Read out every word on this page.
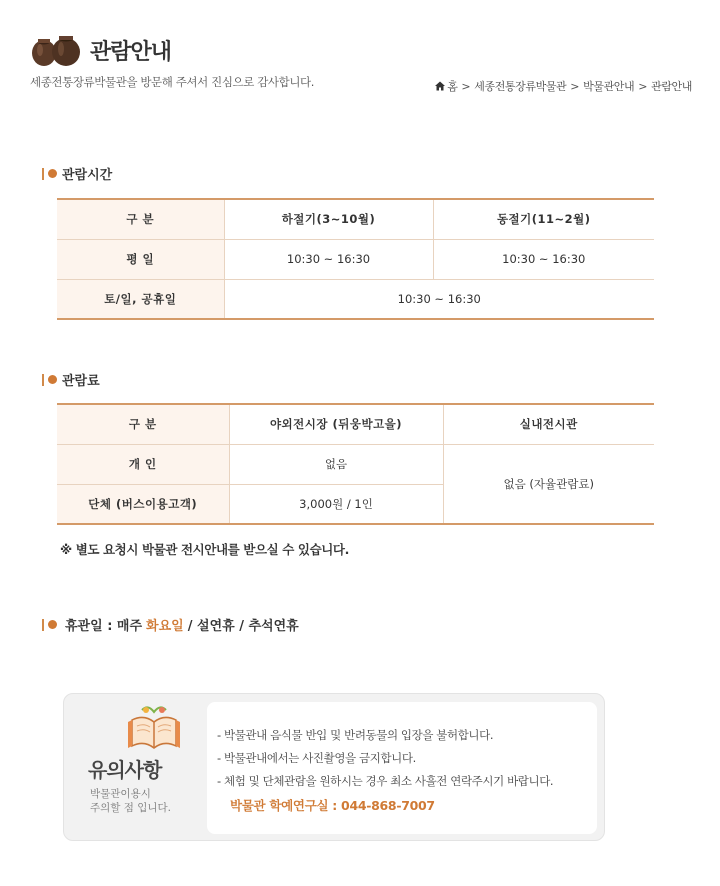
관람안내
세종전통장류박물관을 방문해 주셔서 진심으로 감사합니다.	홈 > 세종전통장류박물관 > 박물관안내 > 관람안내
관람시간
구 분	하절기(3~10월)	동절기(11~2월)
평 일	10:30 ~ 16:30	10:30 ~ 16:30
토/일, 공휴일	10:30 ~ 16:30	
관람료
구 분	야외전시장 (뒤웅박고을)	실내전시관
개 인	없음	없음 (자율관람료)
단체 (버스이용고객)	3,000원 / 1인	
※ 별도 요청시 박물관 전시안내를 받으실 수 있습니다.
휴관일 : 매주 화요일 / 설연휴 / 추석연휴
유의사항
박물관이용시
주의할 점 입니다.
- 박물관내 음식물 반입 및 반려동물의 입장을 불허합니다.
- 박물관내에서는 사진촬영을 금지합니다.
- 체험 및 단체관람을 원하시는 경우 최소 사흘전 연락주시기 바랍니다.
박물관 학예연구실 : 044-868-7007
